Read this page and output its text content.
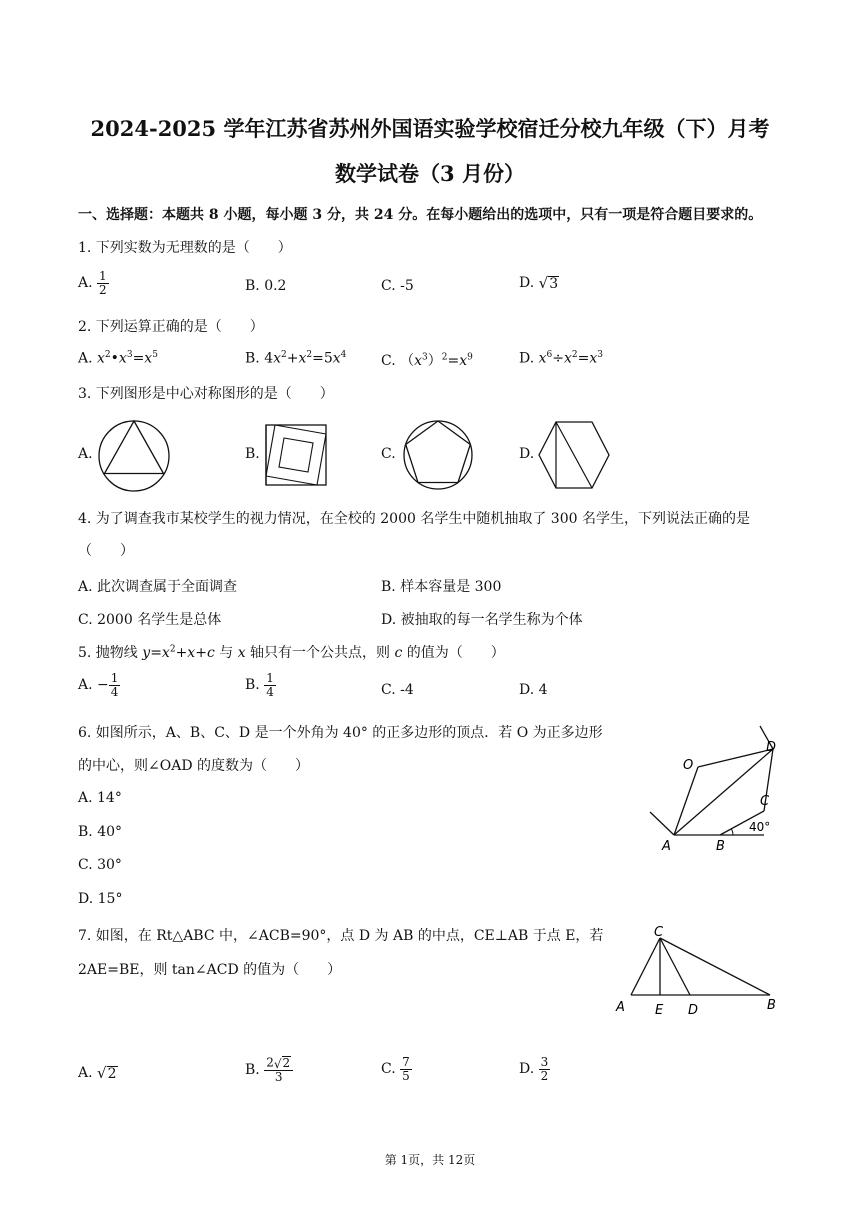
2024-2025 学年江苏省苏州外国语实验学校宿迁分校九年级（下）月考
数学试卷（3 月份）
一、选择题：本题共 8 小题，每小题 3 分，共 24 分。在每小题给出的选项中，只有一项是符合题目要求的。
1. 下列实数为无理数的是（　　）
A. $\frac{1}{2}$	B. 0.2	C. -5	D. √ 3
2. 下列运算正确的是（　　）
A. $x^2•x^3=x^5$	B. $4x^2+x^2=5x^4$ C. $(x^3)^2=x^9$	D. $x^6\div x^2=x^3$
3. 下列图形是中心对称图形的是（　　）
A.	B.	C.	D.
4. 为了调查我市某校学生的视力情况，在全校的 2000 名学生中随机抽取了 300 名学生，下列说法正确的是
（　　）
A. 此次调查属于全面调查	B. 样本容量是 300
C. 2000 名学生是总体	D. 被抽取的每一名学生称为个体
5. 抛物线 $y=x^2+x+c$ 与 x 轴只有一个公共点，则 c 的值为（　　）
A. − $\frac{1}{4}$	B. $\frac{1}{4}$	C. -4	D. 4
6. 如图所示，A、B、C、D 是一个外角为 40° 的正多边形的顶点．若 O 为正多边形
的中心，则∠OAD 的度数为（　　）
A. 14°
B. 40°
C. 30°
D. 15°
O
D
C
A	B
40°
7. 如图，在 Rt△ABC 中，∠ACB=90°，点 D 为 AB 的中点，CE⊥AB 于点 E，若
2AE=BE，则 tan∠ACD 的值为（　　）
C
A E D	B
A. √ 2	B. $\frac{2 √ 2}{3}$	C. $\frac{7}{5}$	D. $\frac{3}{2}$
第 1页，共 12页
